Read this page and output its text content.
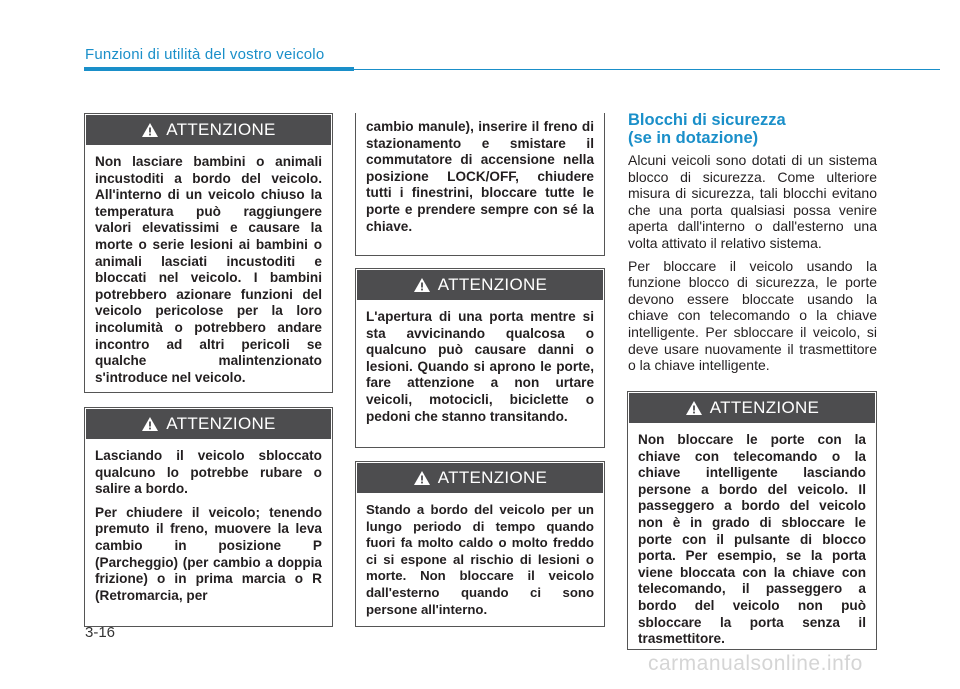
Funzioni di utilità del vostro veicolo
ATTENZIONE

Non lasciare bambini o animali incustoditi a bordo del veicolo. All'interno di un veicolo chiuso la temperatura può raggiungere valori elevatissimi e causare la morte o serie lesioni ai bambini o animali lasciati incustoditi e bloccati nel veicolo. I bambini potrebbero azionare funzioni del veicolo pericolose per la loro incolumità o potrebbero andare incontro ad altri pericoli se qualche malintenzionato s'introduce nel veicolo.

ATTENZIONE

Lasciando il veicolo sbloccato qualcuno lo potrebbe rubare o salire a bordo.

Per chiudere il veicolo; tenendo premuto il freno, muovere la leva cambio in posizione P (Parcheggio) (per cambio a doppia frizione) o in prima marcia o R (Retromarcia, per

cambio manule), inserire il freno di stazionamento e smistare il commutatore di accensione nella posizione LOCK/OFF, chiudere tutti i finestrini, bloccare tutte le porte e prendere sempre con sé la chiave.

ATTENZIONE

L'apertura di una porta mentre si sta avvicinando qualcosa o qualcuno può causare danni o lesioni. Quando si aprono le porte, fare attenzione a non urtare veicoli, motocicli, biciclette o pedoni che stanno transitando.

ATTENZIONE

Stando a bordo del veicolo per un lungo periodo di tempo quando fuori fa molto caldo o molto freddo ci si espone al rischio di lesioni o morte. Non bloccare il veicolo dall'esterno quando ci sono persone all'interno.

Blocchi di sicurezza
(se in dotazione)

Alcuni veicoli sono dotati di un sistema blocco di sicurezza. Come ulteriore misura di sicurezza, tali blocchi evitano che una porta qualsiasi possa venire aperta dall'interno o dall'esterno una volta attivato il relativo sistema.

Per bloccare il veicolo usando la funzione blocco di sicurezza, le porte devono essere bloccate usando la chiave con telecomando o la chiave intelligente. Per sbloccare il veicolo, si deve usare nuovamente il trasmettitore o la chiave intelligente.

ATTENZIONE

Non bloccare le porte con la chiave con telecomando o la chiave intelligente lasciando persone a bordo del veicolo. Il passeggero a bordo del veicolo non è in grado di sbloccare le porte con il pulsante di blocco porta. Per esempio, se la porta viene bloccata con la chiave con telecomando, il passeggero a bordo del veicolo non può sbloccare la porta senza il trasmettitore.

3-16
carmanualsonline.info
